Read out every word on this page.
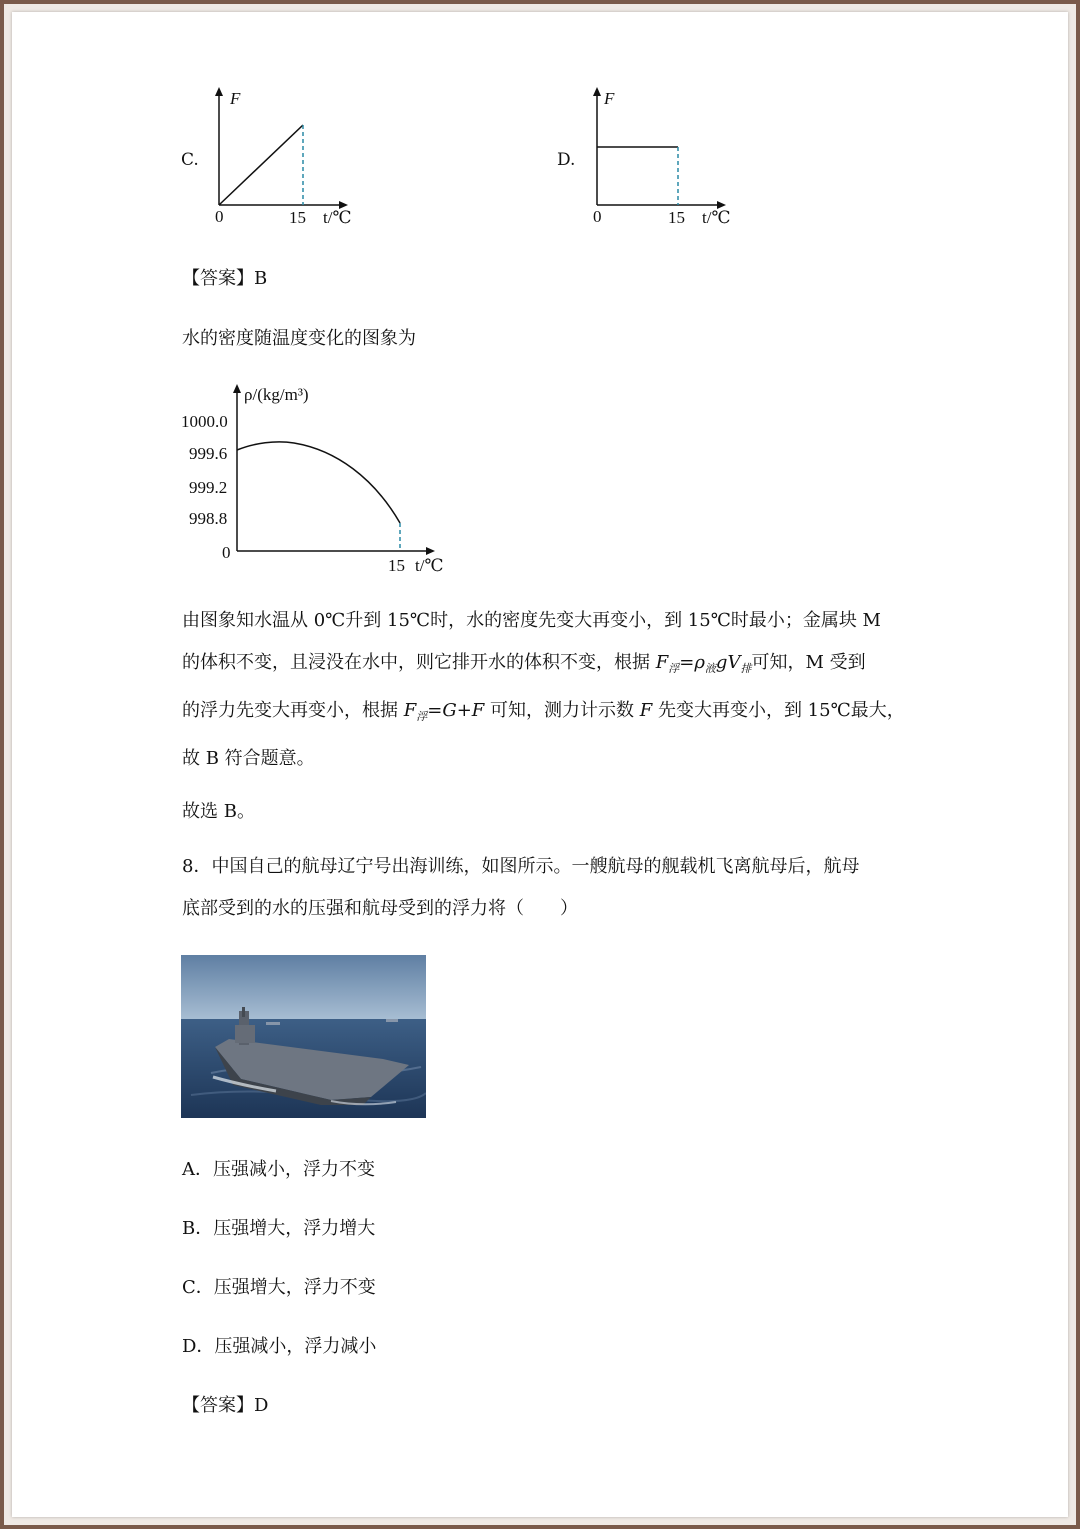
C.
F
0	15 t/℃
D.
F
0	15 t/℃
【答案】B
水的密度随温度变化的图象为
ρ/(kg/m³)
1000.0
999.6
999.2
998.8
0
15 t/℃
由图象知水温从 0℃升到 15℃时，水的密度先变大再变小，到 15℃时最小；金属块 M
的体积不变，且浸没在水中，则它排开水的体积不变，根据 $F_浮=\rho_液gV_排$可知，M 受到
的浮力先变大再变小，根据 $F_浮=G+F$ 可知，测力计示数 F 先变大再变小，到 15℃最大，
故 B 符合题意。
故选 B。
8．中国自己的航母辽宁号出海训练，如图所示。一艘航母的舰载机飞离航母后，航母
底部受到的水的压强和航母受到的浮力将（　　）
A．压强减小，浮力不变
B．压强增大，浮力增大
C．压强增大，浮力不变
D．压强减小，浮力减小
【答案】D
